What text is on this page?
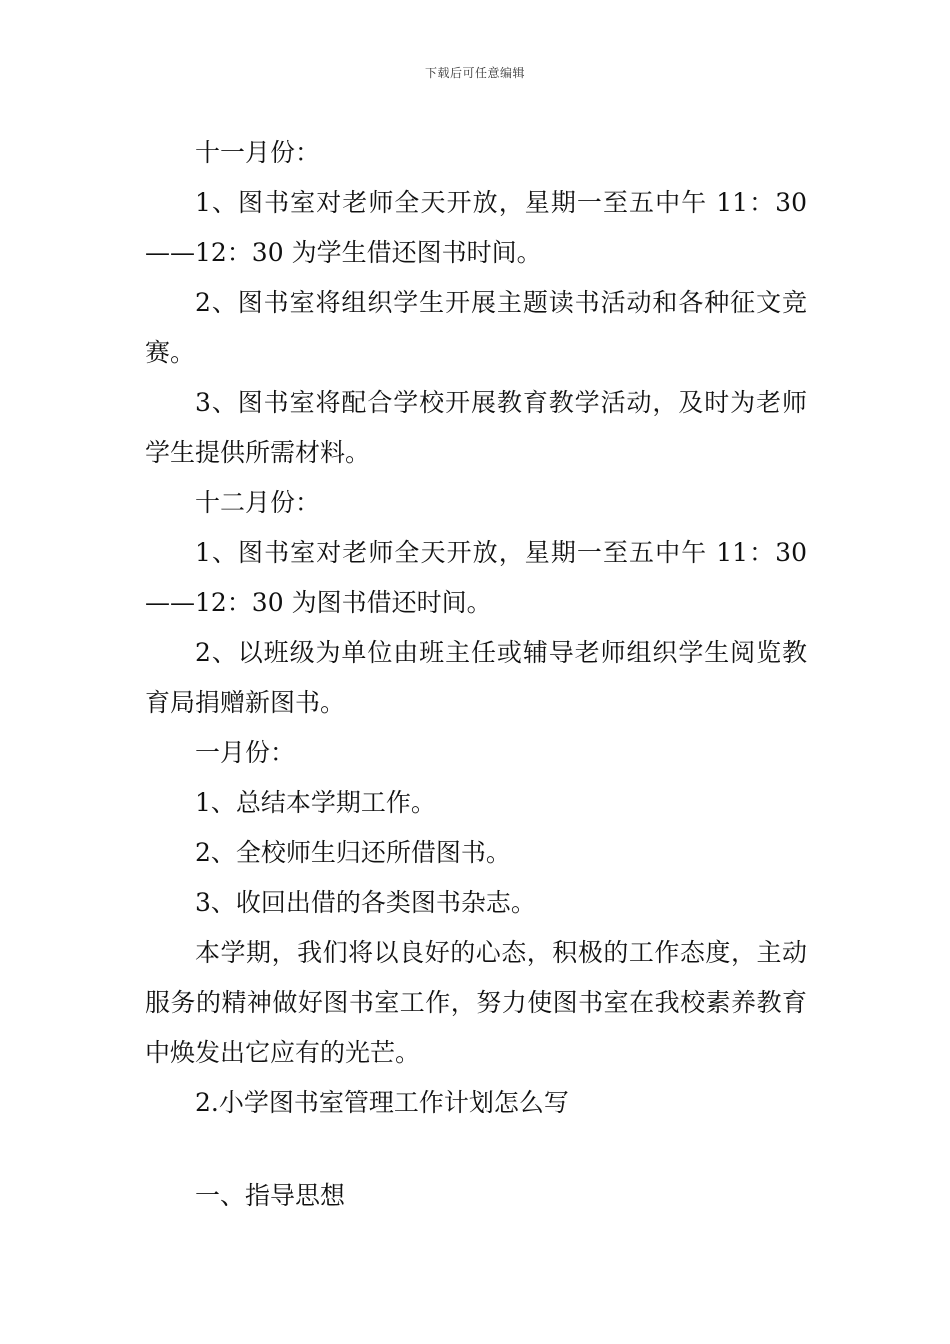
下载后可任意编辑

十一月份：

1、图书室对老师全天开放，星期一至五中午 11：30——12：30 为学生借还图书时间。

2、图书室将组织学生开展主题读书活动和各种征文竞赛。

3、图书室将配合学校开展教育教学活动，及时为老师学生提供所需材料。

十二月份：

1、图书室对老师全天开放，星期一至五中午 11：30——12：30 为图书借还时间。

2、以班级为单位由班主任或辅导老师组织学生阅览教育局捐赠新图书。

一月份：

1、总结本学期工作。

2、全校师生归还所借图书。

3、收回出借的各类图书杂志。

本学期，我们将以良好的心态，积极的工作态度，主动服务的精神做好图书室工作，努力使图书室在我校素养教育中焕发出它应有的光芒。

2.小学图书室管理工作计划怎么写

一、指导思想
